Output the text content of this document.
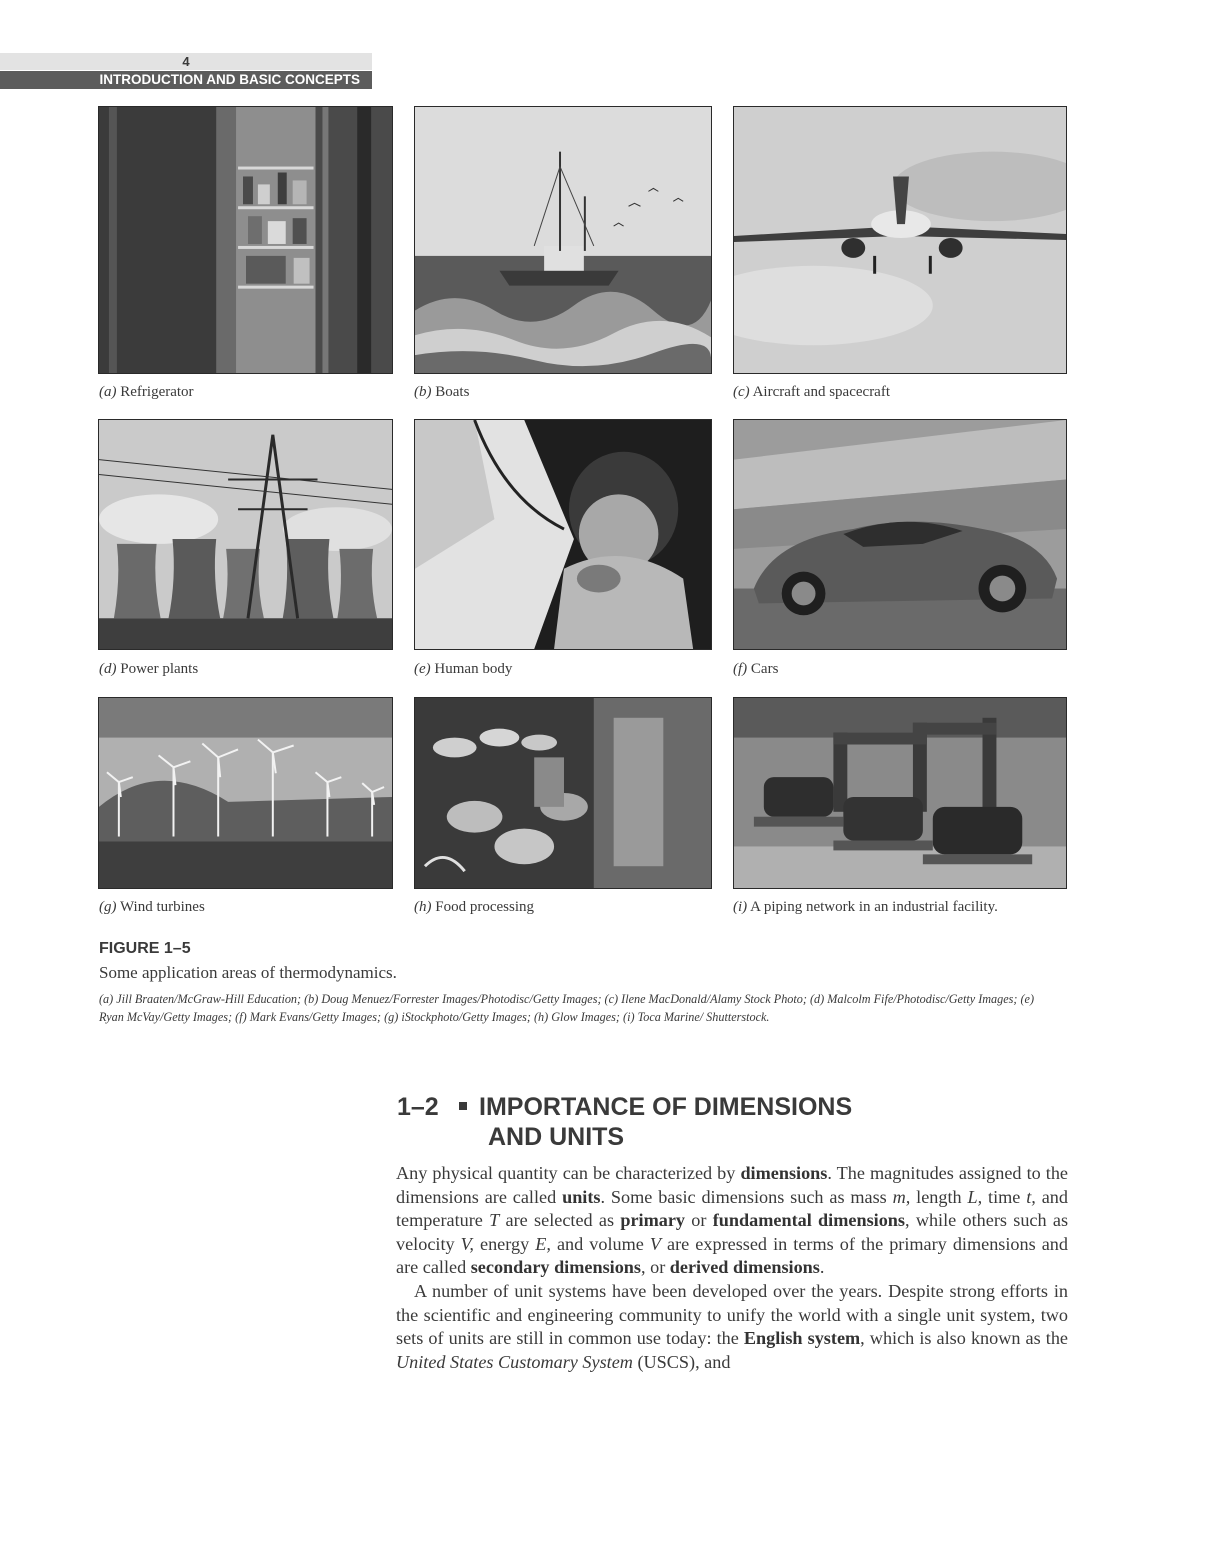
4
INTRODUCTION AND BASIC CONCEPTS
(a) Refrigerator	(b) Boats	(c) Aircraft and spacecraft
(d) Power plants	(e) Human body	(f) Cars
(g) Wind turbines	(h) Food processing	(i) A piping network in an industrial facility.
FIGURE 1–5
Some application areas of thermodynamics.
(a) Jill Braaten/McGraw-Hill Education; (b) Doug Menuez/Forrester Images/Photodisc/Getty Images; (c) Ilene MacDonald/Alamy Stock Photo; (d) Malcolm Fife/Photodisc/Getty Images; (e) Ryan McVay/Getty Images; (f) Mark Evans/Getty Images; (g) iStockphoto/Getty Images; (h) Glow Images; (i) Toca Marine/ Shutterstock.
1–2 IMPORTANCE OF DIMENSIONS
AND UNITS

Any physical quantity can be characterized by dimensions. The magnitudes assigned to the dimensions are called units. Some basic dimensions such as mass m, length L, time t, and temperature T are selected as primary or fundamental dimensions, while others such as velocity V, energy E, and volume V are expressed in terms of the primary dimensions and are called secondary dimensions, or derived dimensions.

A number of unit systems have been developed over the years. Despite strong efforts in the scientific and engineering community to unify the world with a single unit system, two sets of units are still in common use today: the English system, which is also known as the United States Customary System (USCS), and
